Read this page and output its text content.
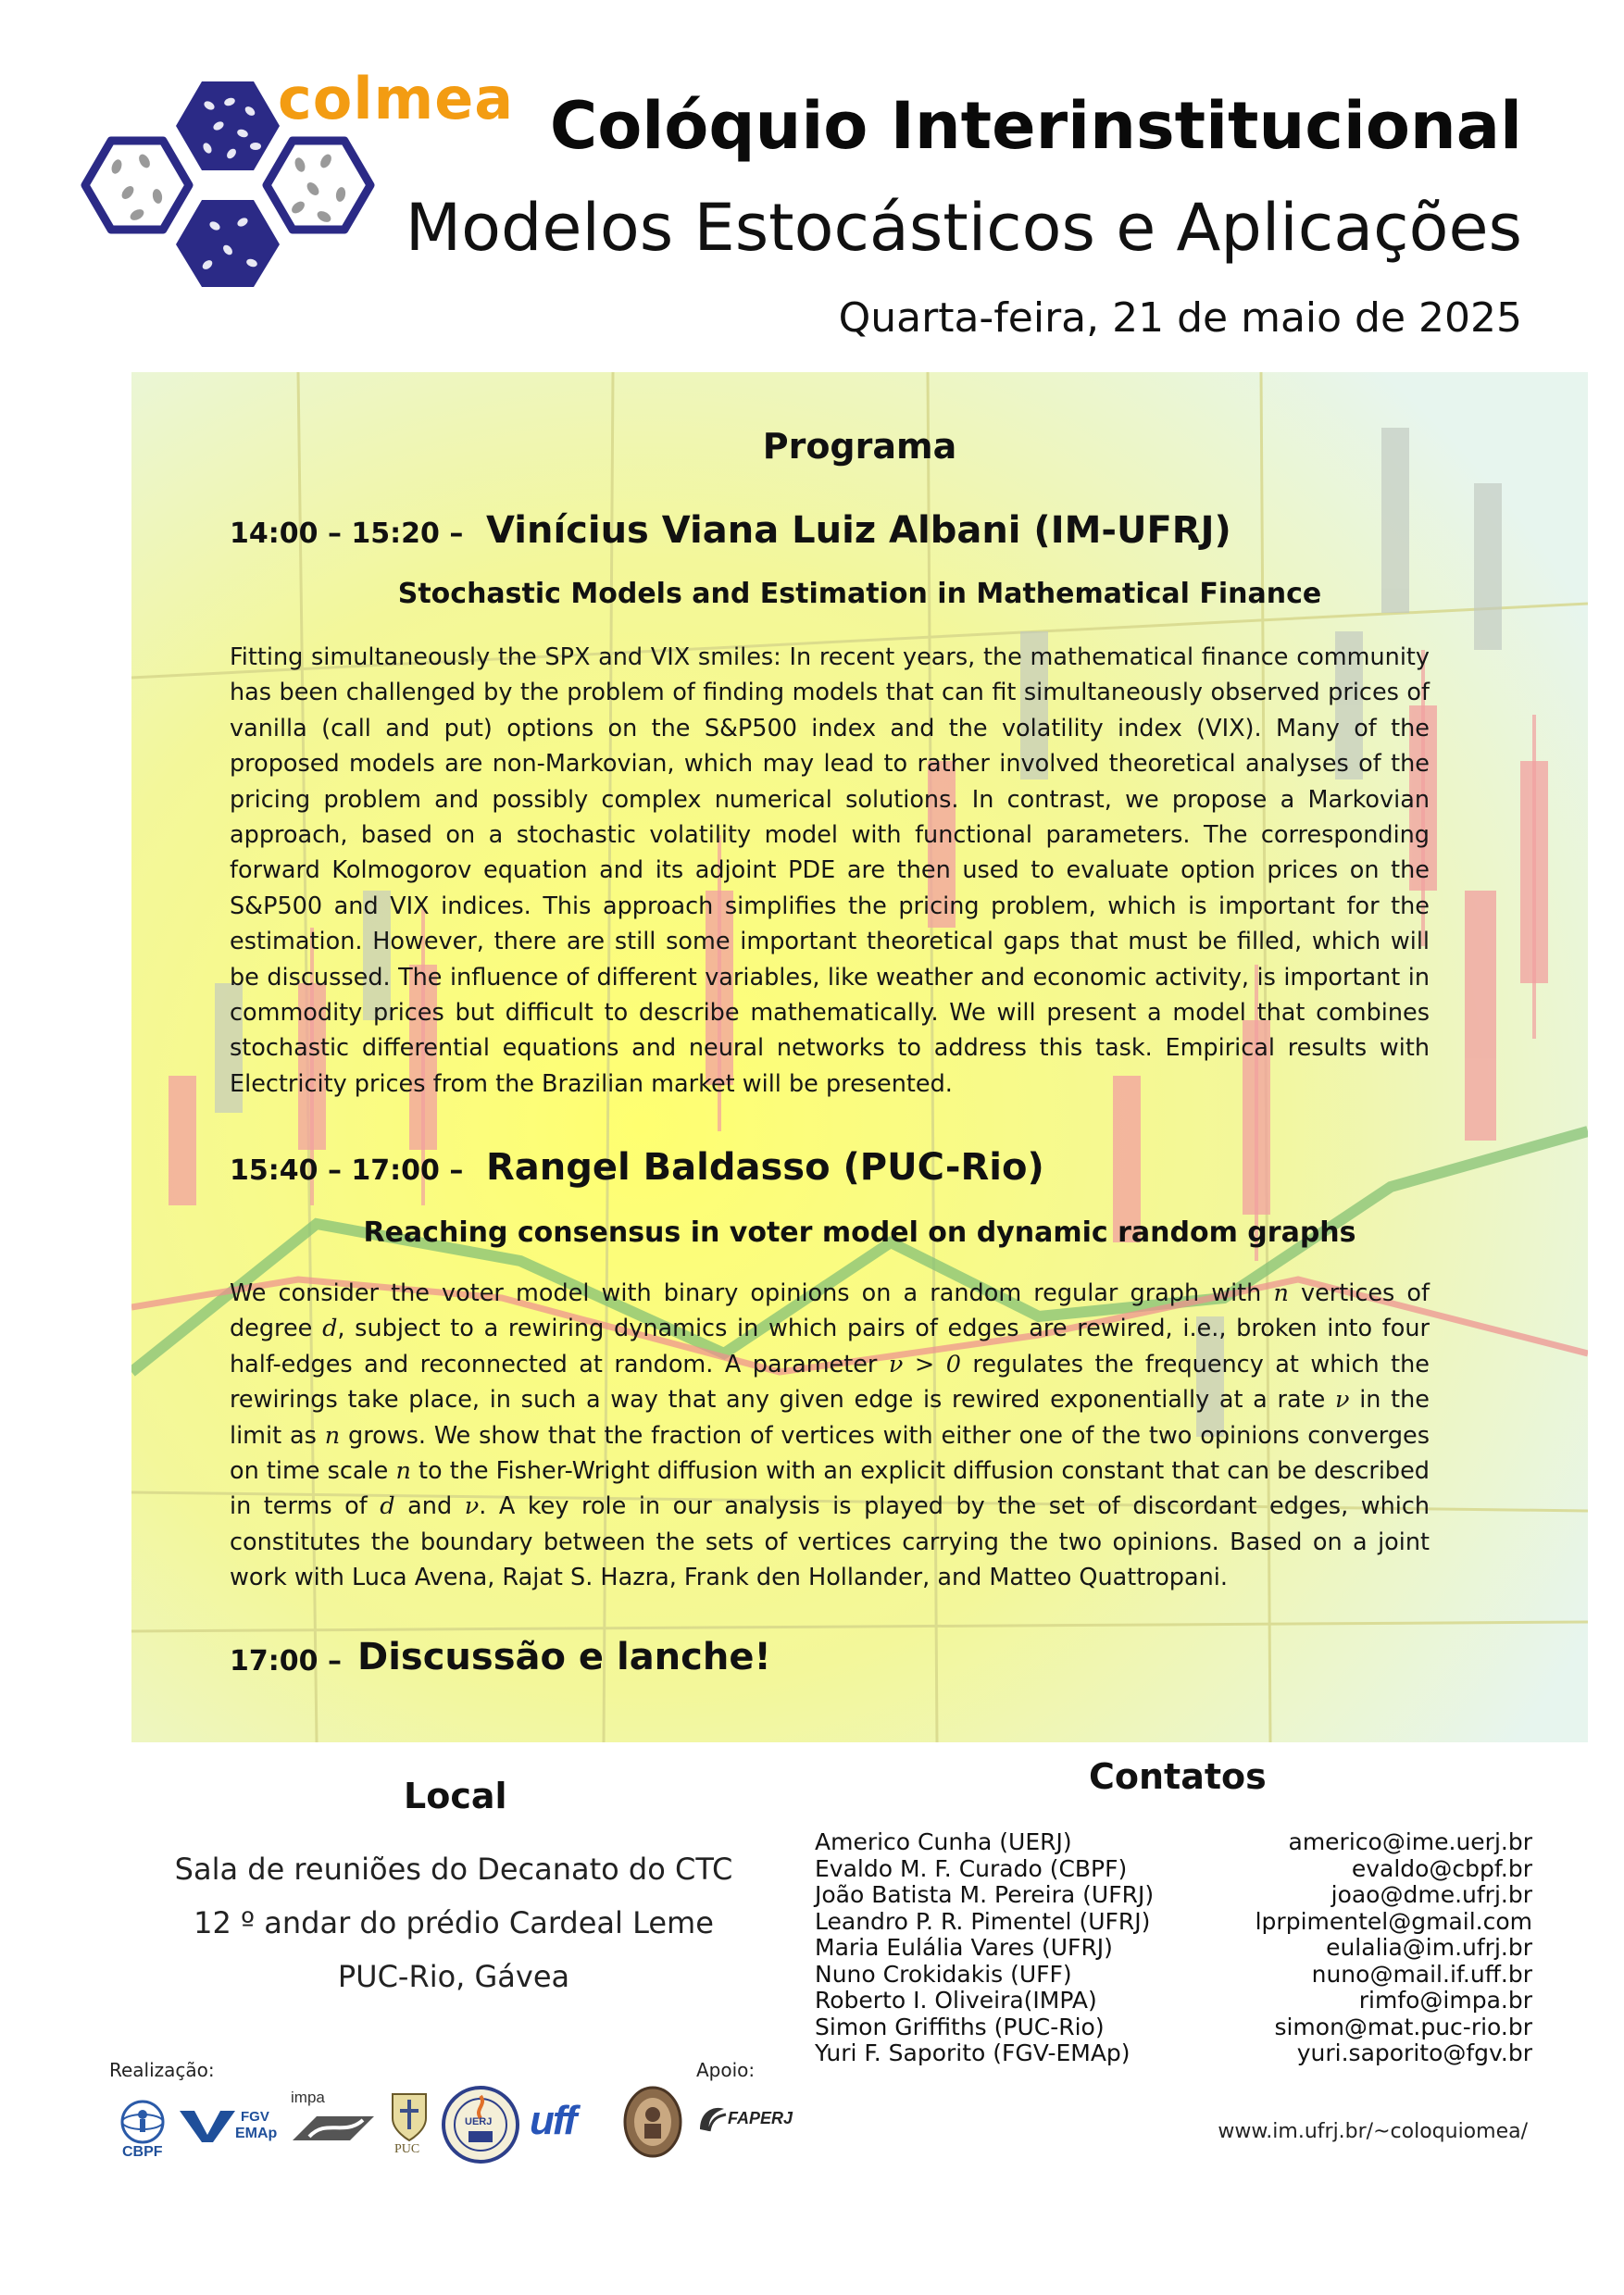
colmea Colóquio Interinstitucional
Modelos Estocásticos e Aplicações
Quarta-feira, 21 de maio de 2025
Programa
14:00 – 15:20 – Vinícius Viana Luiz Albani (IM-UFRJ)
Stochastic Models and Estimation in Mathematical Finance
Fitting simultaneously the SPX and VIX smiles: In recent years, the mathematical finance community has been challenged by the problem of finding models that can fit simultaneously observed prices of vanilla (call and put) options on the S&P500 index and the volatility index (VIX). Many of the proposed models are non-Markovian, which may lead to rather involved theoretical analyses of the pricing problem and possibly complex numerical solutions. In contrast, we propose a Markovian approach, based on a stochastic volatility model with functional parameters. The corresponding forward Kolmogorov equation and its adjoint PDE are then used to evaluate option prices on the S&P500 and VIX indices. This approach simplifies the pricing problem, which is important for the estimation. However, there are still some important theoretical gaps that must be filled, which will be discussed. The influence of different variables, like weather and economic activity, is important in commodity prices but difficult to describe mathematically. We will present a model that combines stochastic differential equations and neural networks to address this task. Empirical results with Electricity prices from the Brazilian market will be presented.
15:40 – 17:00 – Rangel Baldasso (PUC-Rio)
Reaching consensus in voter model on dynamic random graphs
We consider the voter model with binary opinions on a random regular graph with n vertices of degree d, subject to a rewiring dynamics in which pairs of edges are rewired, i.e., broken into four half-edges and reconnected at random. A parameter ν > 0 regulates the frequency at which the rewirings take place, in such a way that any given edge is rewired exponentially at a rate ν in the limit as n grows. We show that the fraction of vertices with either one of the two opinions converges on time scale n to the Fisher-Wright diffusion with an explicit diffusion constant that can be described in terms of d and ν. A key role in our analysis is played by the set of discordant edges, which constitutes the boundary between the sets of vertices carrying the two opinions. Based on a joint work with Luca Avena, Rajat S. Hazra, Frank den Hollander, and Matteo Quattropani.
17:00 – Discussão e lanche!
Local
Sala de reuniões do Decanato do CTC
12 º andar do prédio Cardeal Leme
PUC-Rio, Gávea
Contatos
Americo Cunha (UERJ)	americo@ime.uerj.br
Evaldo M. F. Curado (CBPF)	evaldo@cbpf.br
João Batista M. Pereira (UFRJ)	joao@dme.ufrj.br
Leandro P. R. Pimentel (UFRJ)	lprpimentel@gmail.com
Maria Eulália Vares (UFRJ)	eulalia@im.ufrj.br
Nuno Crokidakis (UFF)	nuno@mail.if.uff.br
Roberto I. Oliveira(IMPA)	rimfo@impa.br
Simon Griffiths (PUC-Rio)	simon@mat.puc-rio.br
Yuri F. Saporito (FGV-EMAp)	yuri.saporito@fgv.br
Realização:	Apoio:
CBPF
FGV
EMAp
impa
PUC
UERJ uff	FAPERJ
www.im.ufrj.br/~coloquiomea/
